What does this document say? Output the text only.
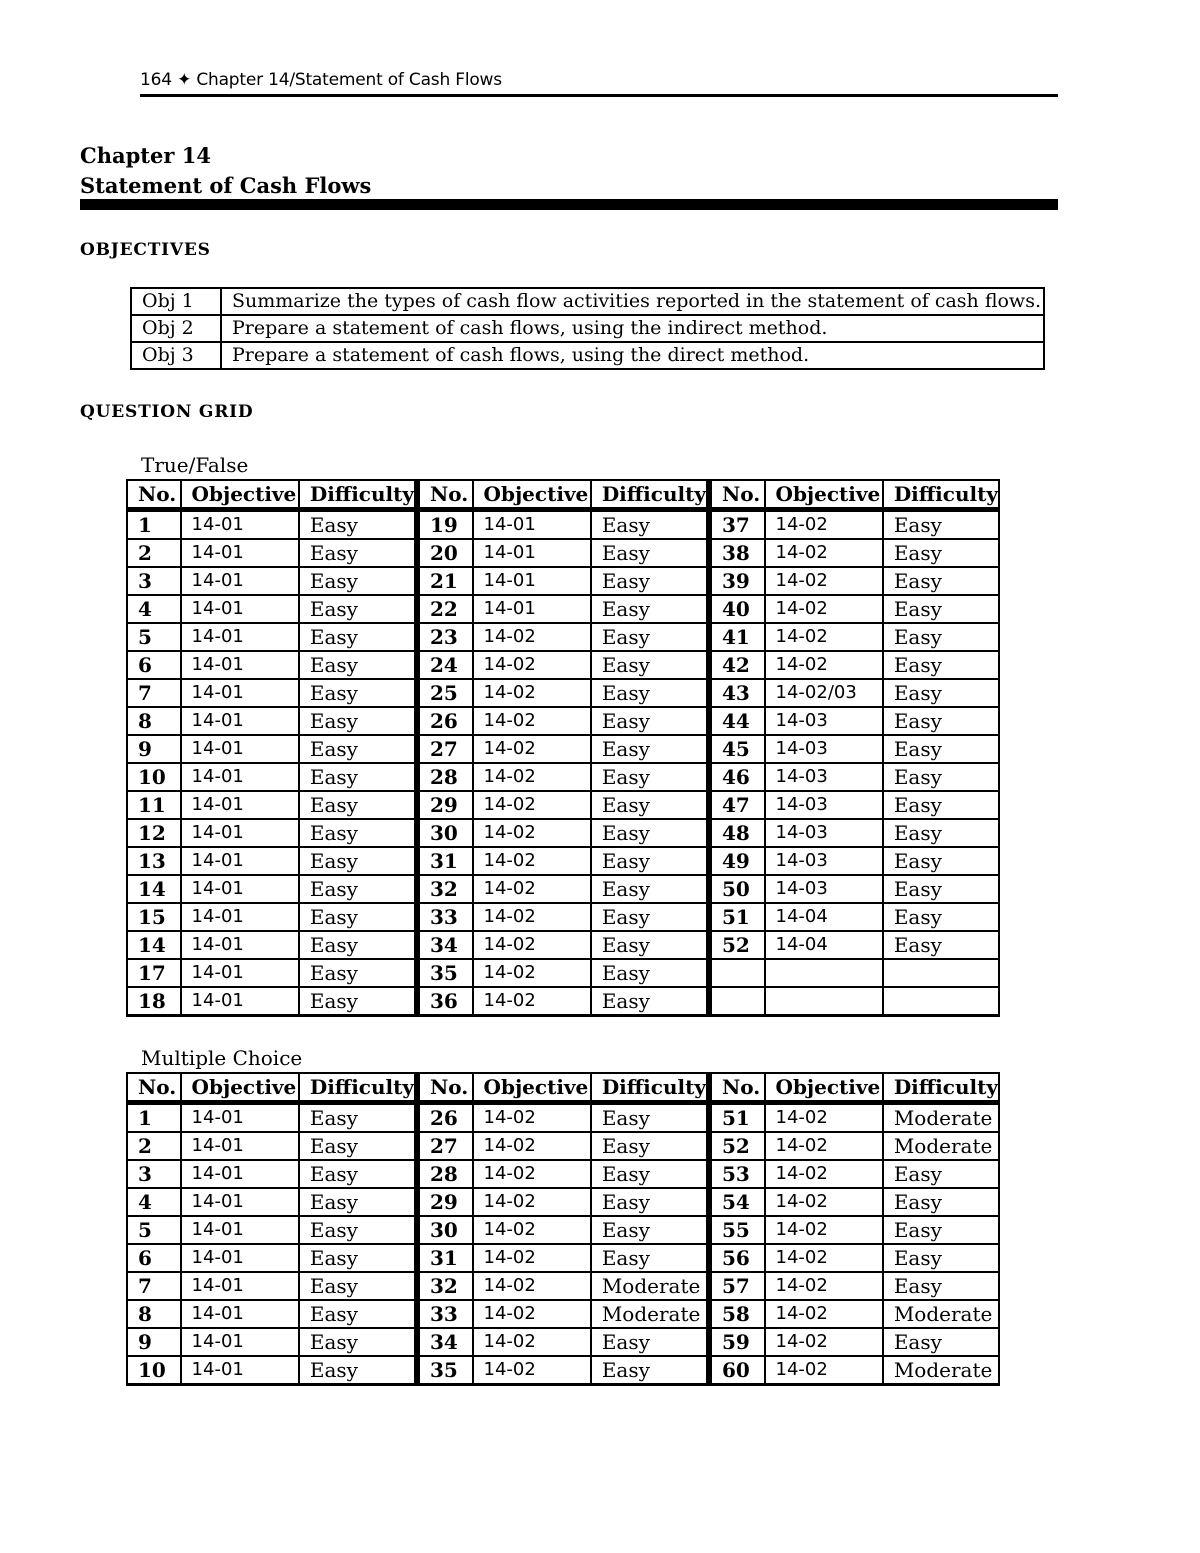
164 ✦ Chapter 14/Statement of Cash Flows
Chapter 14
Statement of Cash Flows
OBJECTIVES
Obj 1	Summarize the types of cash flow activities reported in the statement of cash flows.
Obj 2	Prepare a statement of cash flows, using the indirect method.
Obj 3	Prepare a statement of cash flows, using the direct method.
QUESTION GRID
True/False
No.	Objective	Difficulty	No.	Objective	Difficulty	No.	Objective	Difficulty
1	14-01	Easy	19	14-01	Easy	37	14-02	Easy
2	14-01	Easy	20	14-01	Easy	38	14-02	Easy
3	14-01	Easy	21	14-01	Easy	39	14-02	Easy
4	14-01	Easy	22	14-01	Easy	40	14-02	Easy
5	14-01	Easy	23	14-02	Easy	41	14-02	Easy
6	14-01	Easy	24	14-02	Easy	42	14-02	Easy
7	14-01	Easy	25	14-02	Easy	43	14-02/03	Easy
8	14-01	Easy	26	14-02	Easy	44	14-03	Easy
9	14-01	Easy	27	14-02	Easy	45	14-03	Easy
10	14-01	Easy	28	14-02	Easy	46	14-03	Easy
11	14-01	Easy	29	14-02	Easy	47	14-03	Easy
12	14-01	Easy	30	14-02	Easy	48	14-03	Easy
13	14-01	Easy	31	14-02	Easy	49	14-03	Easy
14	14-01	Easy	32	14-02	Easy	50	14-03	Easy
15	14-01	Easy	33	14-02	Easy	51	14-04	Easy
14	14-01	Easy	34	14-02	Easy	52	14-04	Easy
17	14-01	Easy	35	14-02	Easy			
18	14-01	Easy	36	14-02	Easy			
Multiple Choice
No.	Objective	Difficulty	No.	Objective	Difficulty	No.	Objective	Difficulty
1	14-01	Easy	26	14-02	Easy	51	14-02	Moderate
2	14-01	Easy	27	14-02	Easy	52	14-02	Moderate
3	14-01	Easy	28	14-02	Easy	53	14-02	Easy
4	14-01	Easy	29	14-02	Easy	54	14-02	Easy
5	14-01	Easy	30	14-02	Easy	55	14-02	Easy
6	14-01	Easy	31	14-02	Easy	56	14-02	Easy
7	14-01	Easy	32	14-02	Moderate	57	14-02	Easy
8	14-01	Easy	33	14-02	Moderate	58	14-02	Moderate
9	14-01	Easy	34	14-02	Easy	59	14-02	Easy
10	14-01	Easy	35	14-02	Easy	60	14-02	Moderate
